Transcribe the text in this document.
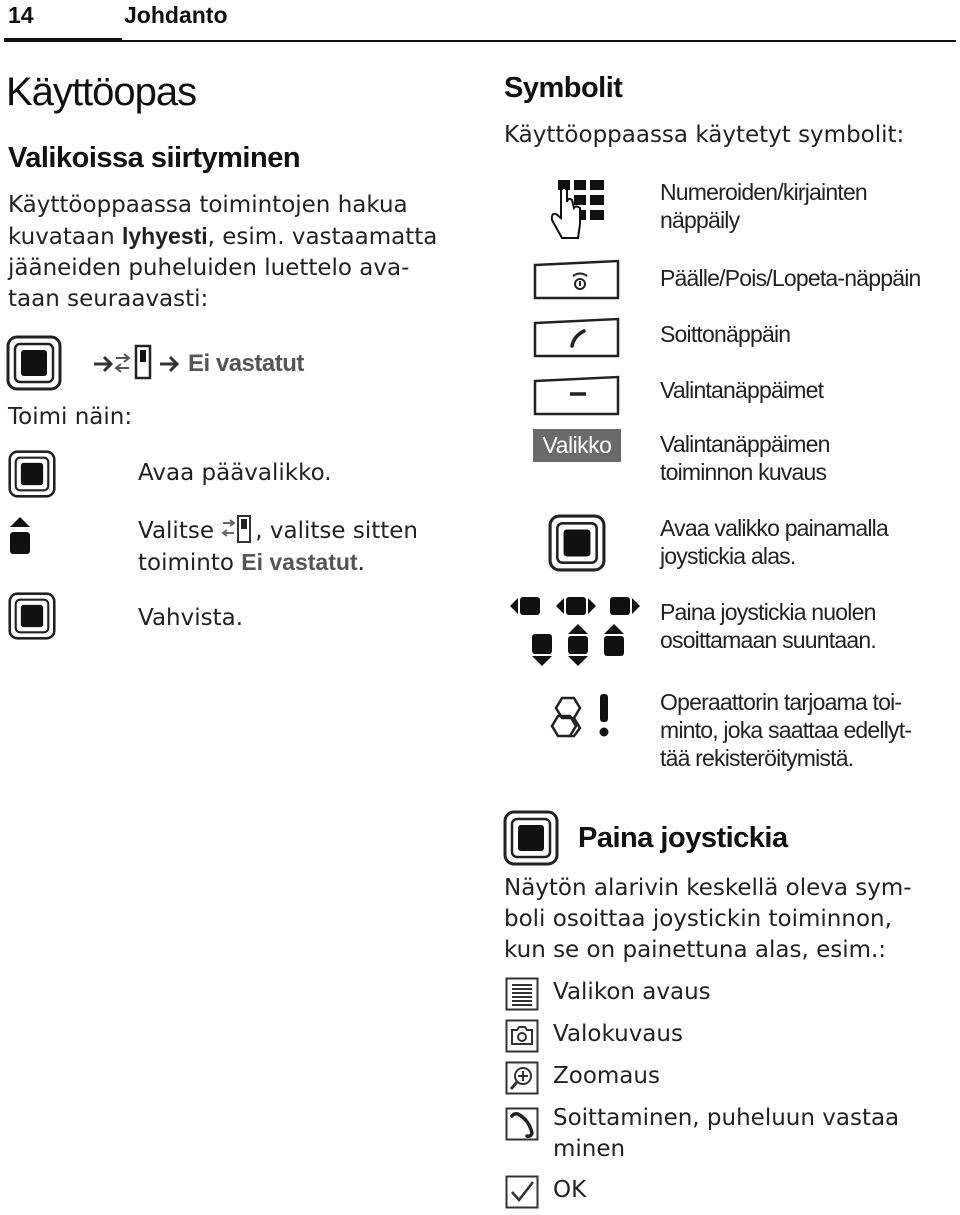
14	Johdanto
Käyttöopas
Valikoissa siirtyminen
Käyttöoppaassa toimintojen hakua
kuvataan lyhyesti, esim. vastaamatta
jääneiden puheluiden luettelo ava-
taan seuraavasti:
Ei vastatut
Toimi näin:
Avaa päävalikko.
Valitse
, valitse sitten
toiminto Ei vastatut.
Vahvista.
Symbolit
Käyttöoppaassa käytetyt symbolit:
Numeroiden/kirjainten
näppäily
Päälle/Pois/Lopeta-näppäin
Soittonäppäin
Valintanäppäimet
Valikko	Valintanäppäimen
toiminnon kuvaus
Avaa valikko painamalla
joystickia alas.
Paina joystickia nuolen
osoittamaan suuntaan.
Operaattorin tarjoama toi-
minto, joka saattaa edellyt-
tää rekisteröitymistä.
Paina joystickia
Näytön alarivin keskellä oleva sym-
boli osoittaa joystickin toiminnon,
kun se on painettuna alas, esim.:
Valikon avaus
Valokuvaus
Zoomaus
Soittaminen, puheluun vastaa
minen
OK
